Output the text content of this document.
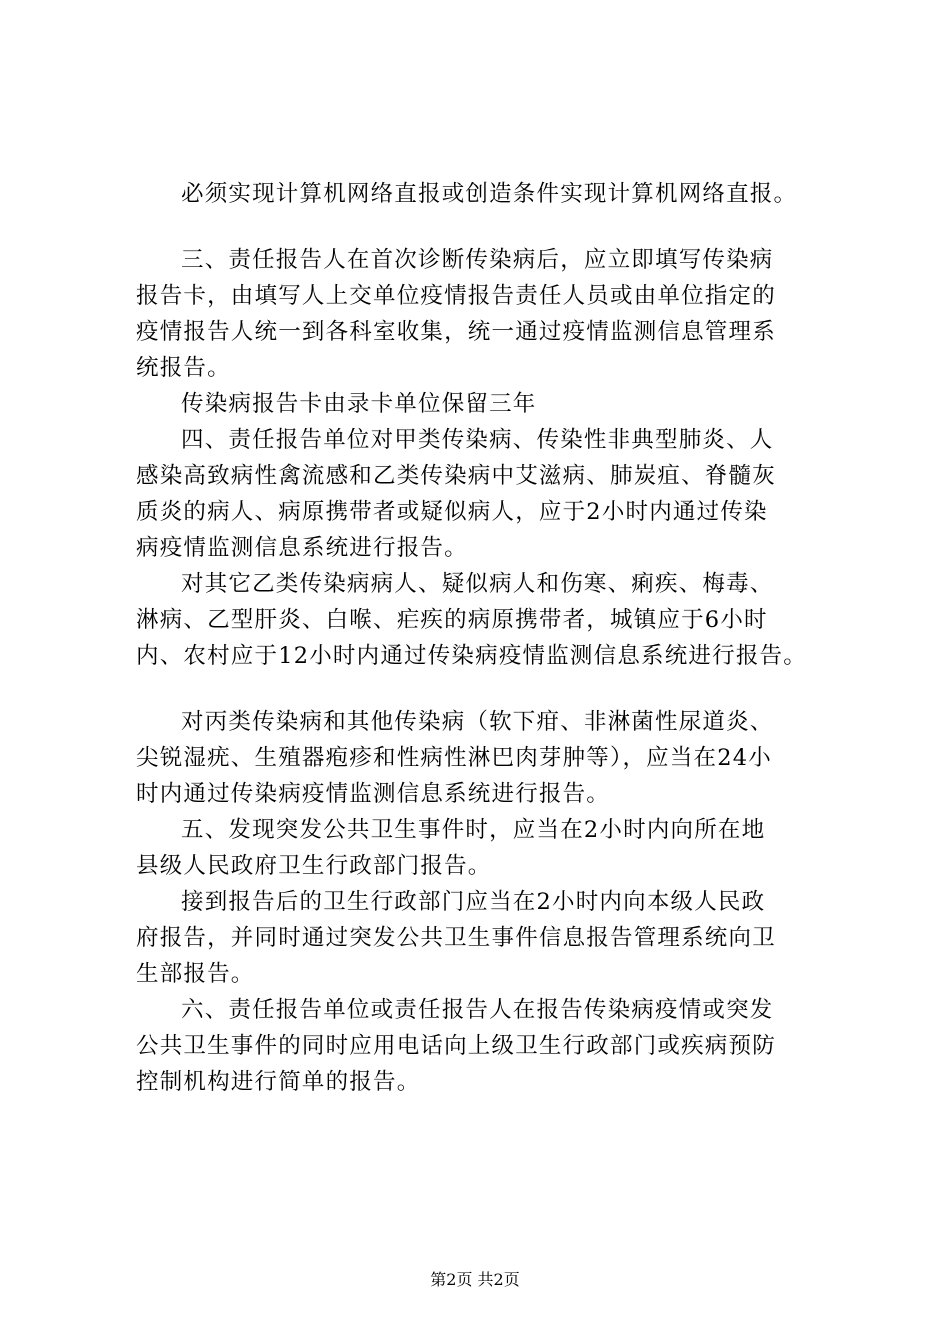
必须实现计算机网络直报或创造条件实现计算机网络直报。
三、责任报告人在首次诊断传染病后，应立即填写传染病
报告卡，由填写人上交单位疫情报告责任人员或由单位指定的
疫情报告人统一到各科室收集，统一通过疫情监测信息管理系
统报告。
传染病报告卡由录卡单位保留三年
四、责任报告单位对甲类传染病、传染性非典型肺炎、人
感染高致病性禽流感和乙类传染病中艾滋病、肺炭疽、脊髓灰
质炎的病人、病原携带者或疑似病人，应于2小时内通过传染
病疫情监测信息系统进行报告。
对其它乙类传染病病人、疑似病人和伤寒、痢疾、梅毒、
淋病、乙型肝炎、白喉、疟疾的病原携带者，城镇应于6小时
内、农村应于12小时内通过传染病疫情监测信息系统进行报告。
对丙类传染病和其他传染病（软下疳、非淋菌性尿道炎、
尖锐湿疣、生殖器疱疹和性病性淋巴肉芽肿等），应当在24小
时内通过传染病疫情监测信息系统进行报告。
五、发现突发公共卫生事件时，应当在2小时内向所在地
县级人民政府卫生行政部门报告。
接到报告后的卫生行政部门应当在2小时内向本级人民政
府报告，并同时通过突发公共卫生事件信息报告管理系统向卫
生部报告。
六、责任报告单位或责任报告人在报告传染病疫情或突发
公共卫生事件的同时应用电话向上级卫生行政部门或疾病预防
控制机构进行简单的报告。
第2页 共2页
